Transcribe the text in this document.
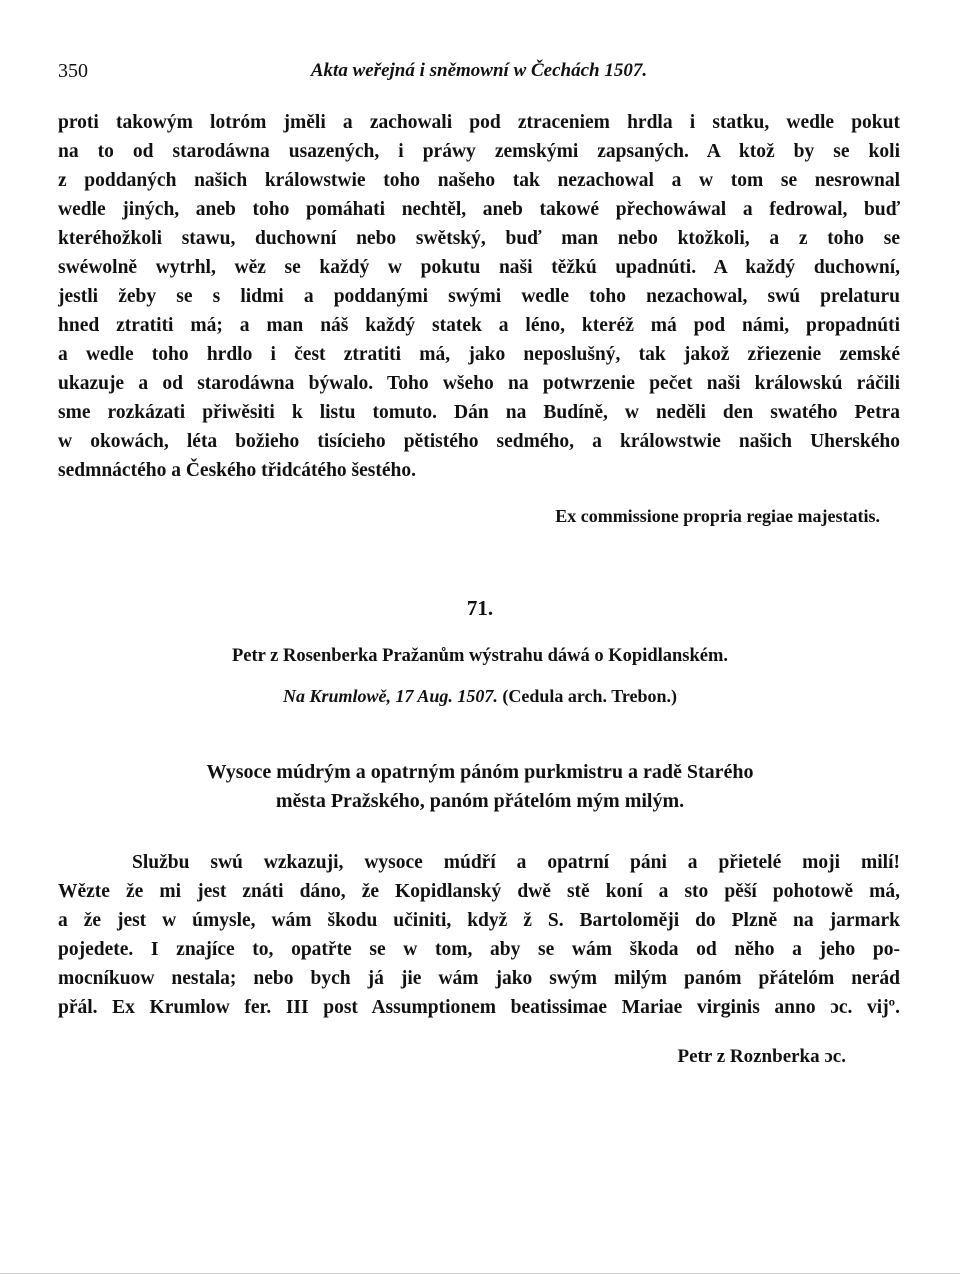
350	Akta weřejná i sněmowní w Čechách 1507.
proti takowým lotróm jměli a zachowali pod ztraceniem hrdla i statku, wedle pokut
na to od starodáwna usazených, i práwy zemskými zapsaných. A ktož by se koli
z poddaných našich králowstwie toho našeho tak nezachowal a w tom se nesrownal
wedle jiných, aneb toho pomáhati nechtěl, aneb takowé přechowáwal a fedrowal, buď
kteréhožkoli stawu, duchowní nebo swětský, buď man nebo ktožkoli, a z toho se
swéwolně wytrhl, wěz se každý w pokutu naši těžkú upadnúti. A každý duchowní,
jestli žeby se s lidmi a poddanými swými wedle toho nezachowal, swú prelaturu
hned ztratiti má; a man náš každý statek a léno, kteréž má pod námi, propadnúti
a wedle toho hrdlo i čest ztratiti má, jako neposlušný, tak jakož zřiezenie zemské
ukazuje a od starodáwna býwalo. Toho wšeho na potwrzenie pečet naši králowskú ráčili
sme rozkázati přiwěsiti k listu tomuto. Dán na Budíně, w neděli den swatého Petra
w okowách, léta božieho tisícieho pětistého sedmého, a králowstwie našich Uherského
sedmnáctého a Českého třidcátého šestého.
Ex commissione propria regiae majestatis.
71.
Petr z Rosenberka Pražanům wýstrahu dáwá o Kopidlanském.
Na Krumlowě, 17 Aug. 1507. (Cedula arch. Trebon.)
Wysoce múdrým a opatrným pánóm purkmistru a radě Starého
města Pražského, panóm přátelóm mým milým.
Službu swú wzkazuji, wysoce múdří a opatrní páni a přietelé moji milí!
Wězte že mi jest znáti dáno, že Kopidlanský dwě stě koní a sto pěší pohotowě má,
a že jest w úmysle, wám škodu učiniti, když ž S. Bartoloměji do Plzně na jarmark
pojedete. I znajíce to, opatřte se w tom, aby se wám škoda od něho a jeho po-
mocníkuow nestala; nebo bych já jie wám jako swým milým panóm přátelóm nerád
přál. Ex Krumlow fer. III post Assumptionem beatissimae Mariae virginis anno ɔc. vijº.
Petr z Roznberka ɔc.
